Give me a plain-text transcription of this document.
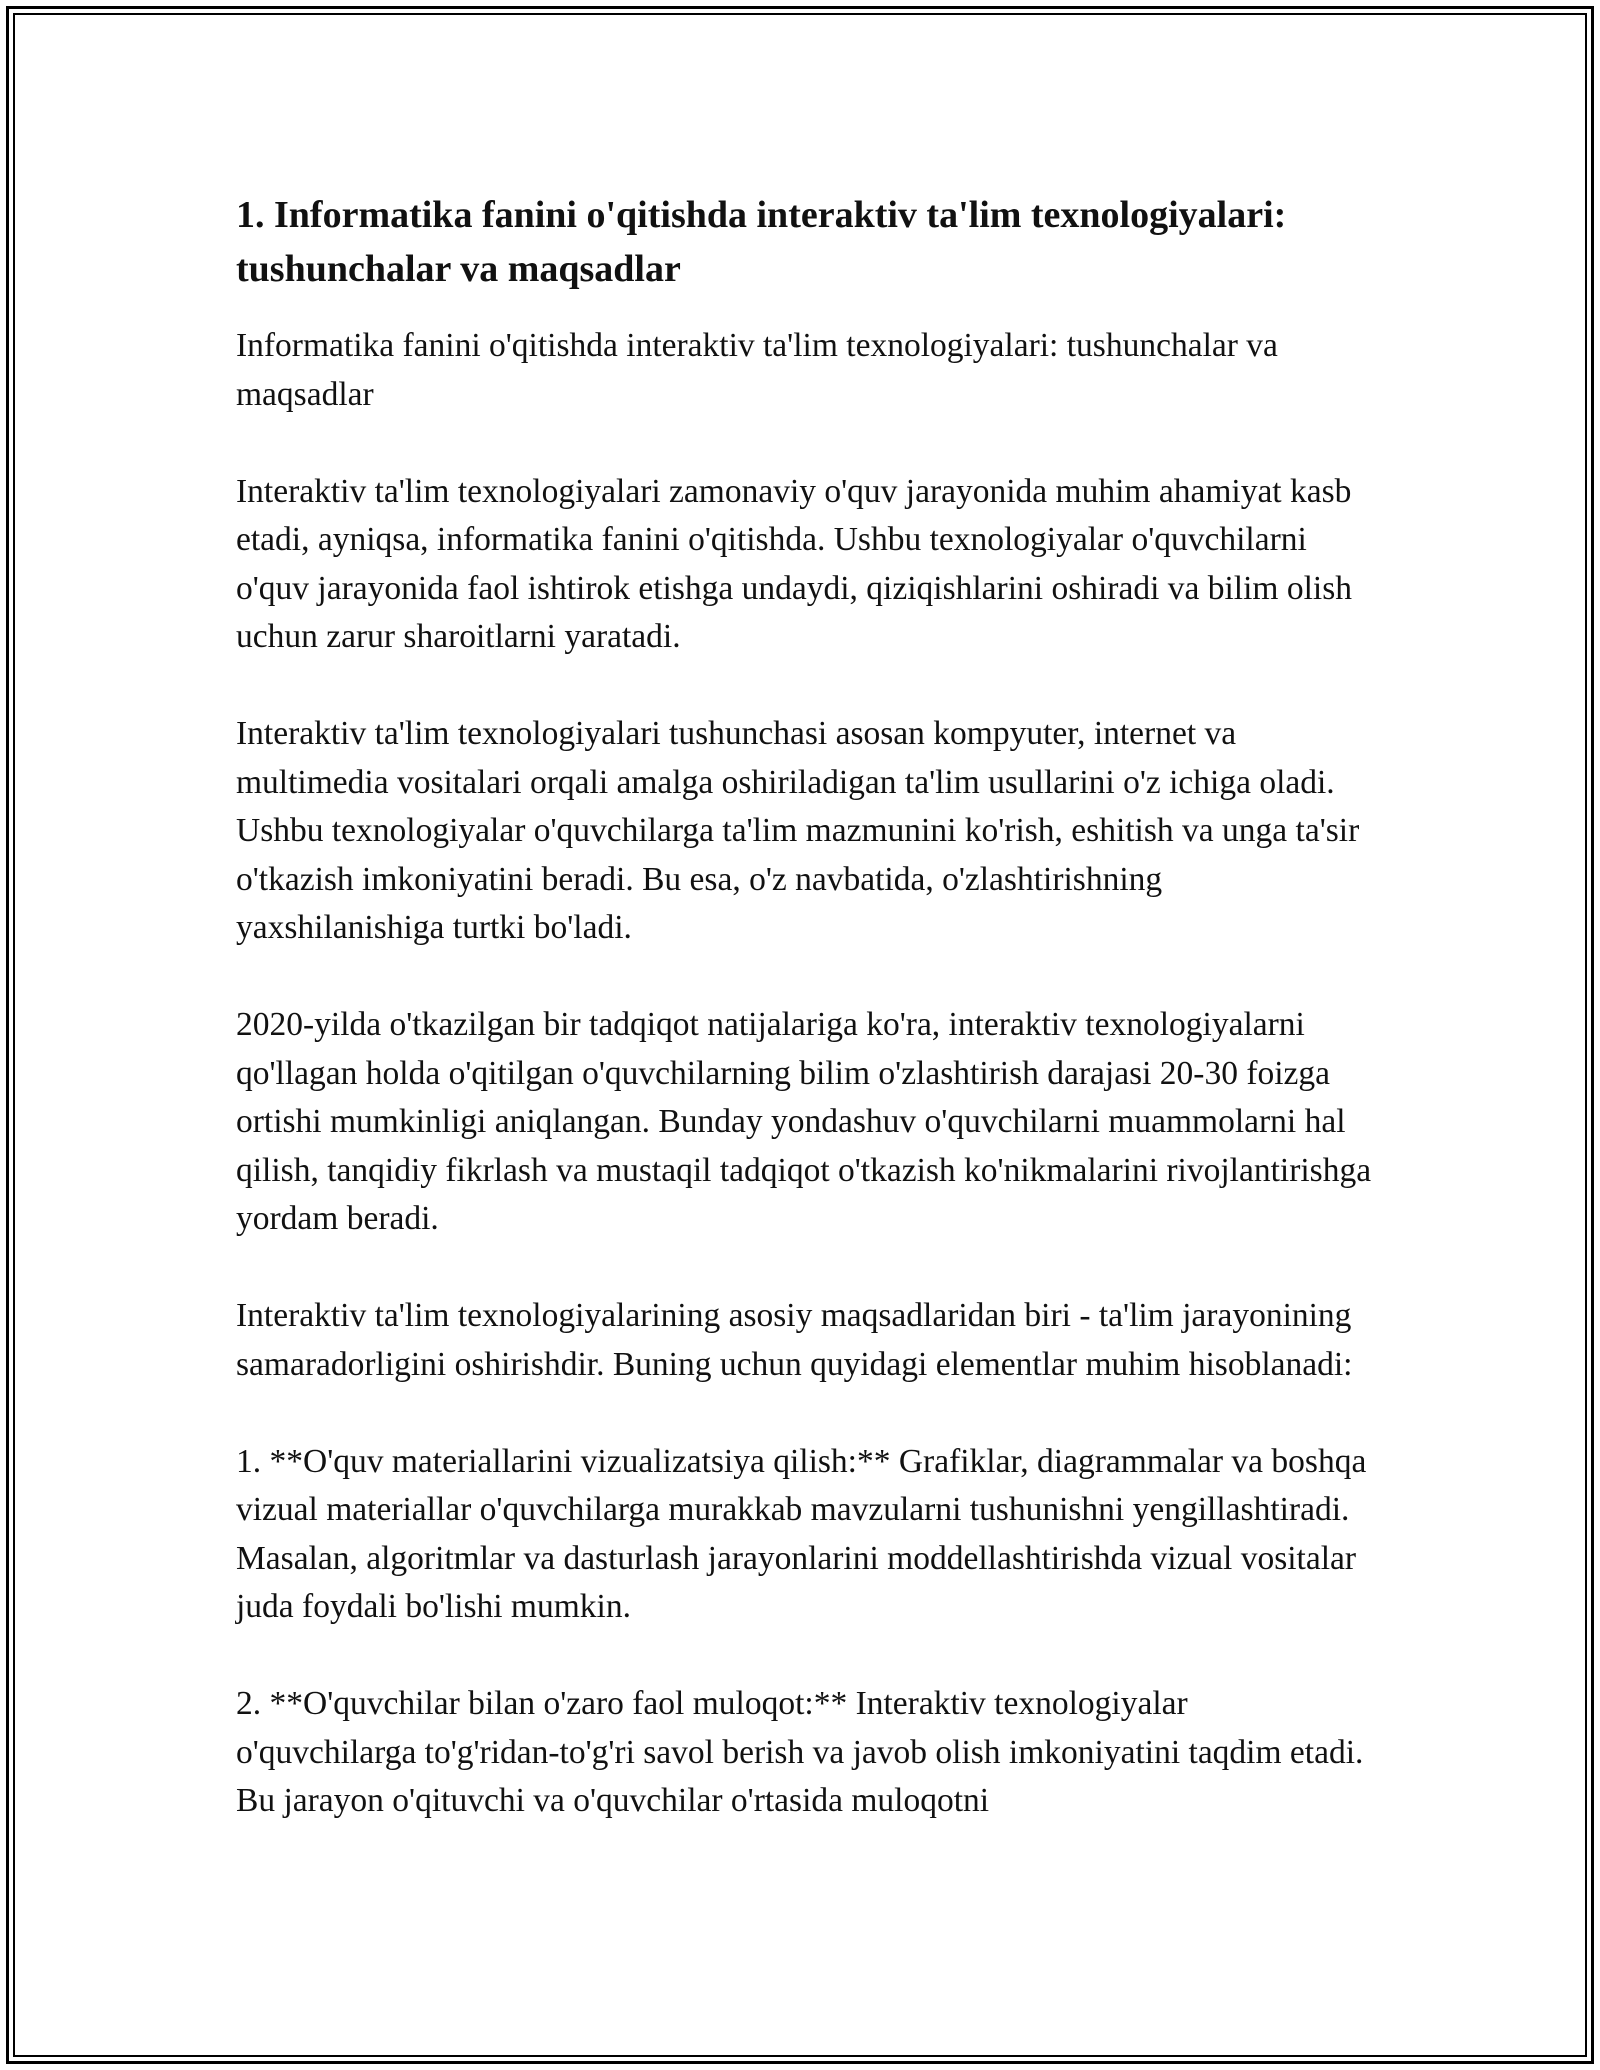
1. Informatika fanini o'qitishda interaktiv ta'lim texnologiyalari: tushunchalar va maqsadlar

Informatika fanini o'qitishda interaktiv ta'lim texnologiyalari: tushunchalar va maqsadlar

Interaktiv ta'lim texnologiyalari zamonaviy o'quv jarayonida muhim ahamiyat kasb etadi, ayniqsa, informatika fanini o'qitishda. Ushbu texnologiyalar o'quvchilarni o'quv jarayonida faol ishtirok etishga undaydi, qiziqishlarini oshiradi va bilim olish uchun zarur sharoitlarni yaratadi.

Interaktiv ta'lim texnologiyalari tushunchasi asosan kompyuter, internet va multimedia vositalari orqali amalga oshiriladigan ta'lim usullarini o'z ichiga oladi. Ushbu texnologiyalar o'quvchilarga ta'lim mazmunini ko'rish, eshitish va unga ta'sir o'tkazish imkoniyatini beradi. Bu esa, o'z navbatida, o'zlashtirishning yaxshilanishiga turtki bo'ladi.

2020-yilda o'tkazilgan bir tadqiqot natijalariga ko'ra, interaktiv texnologiyalarni qo'llagan holda o'qitilgan o'quvchilarning bilim o'zlashtirish darajasi 20-30 foizga ortishi mumkinligi aniqlangan. Bunday yondashuv o'quvchilarni muammolarni hal qilish, tanqidiy fikrlash va mustaqil tadqiqot o'tkazish ko'nikmalarini rivojlantirishga yordam beradi.

Interaktiv ta'lim texnologiyalarining asosiy maqsadlaridan biri - ta'lim jarayonining samaradorligini oshirishdir. Buning uchun quyidagi elementlar muhim hisoblanadi:

1. **O'quv materiallarini vizualizatsiya qilish:** Grafiklar, diagrammalar va boshqa vizual materiallar o'quvchilarga murakkab mavzularni tushunishni yengillashtiradi. Masalan, algoritmlar va dasturlash jarayonlarini moddellashtirishda vizual vositalar juda foydali bo'lishi mumkin.

2. **O'quvchilar bilan o'zaro faol muloqot:** Interaktiv texnologiyalar o'quvchilarga to'g'ridan-to'g'ri savol berish va javob olish imkoniyatini taqdim etadi. Bu jarayon o'qituvchi va o'quvchilar o'rtasida muloqotni
